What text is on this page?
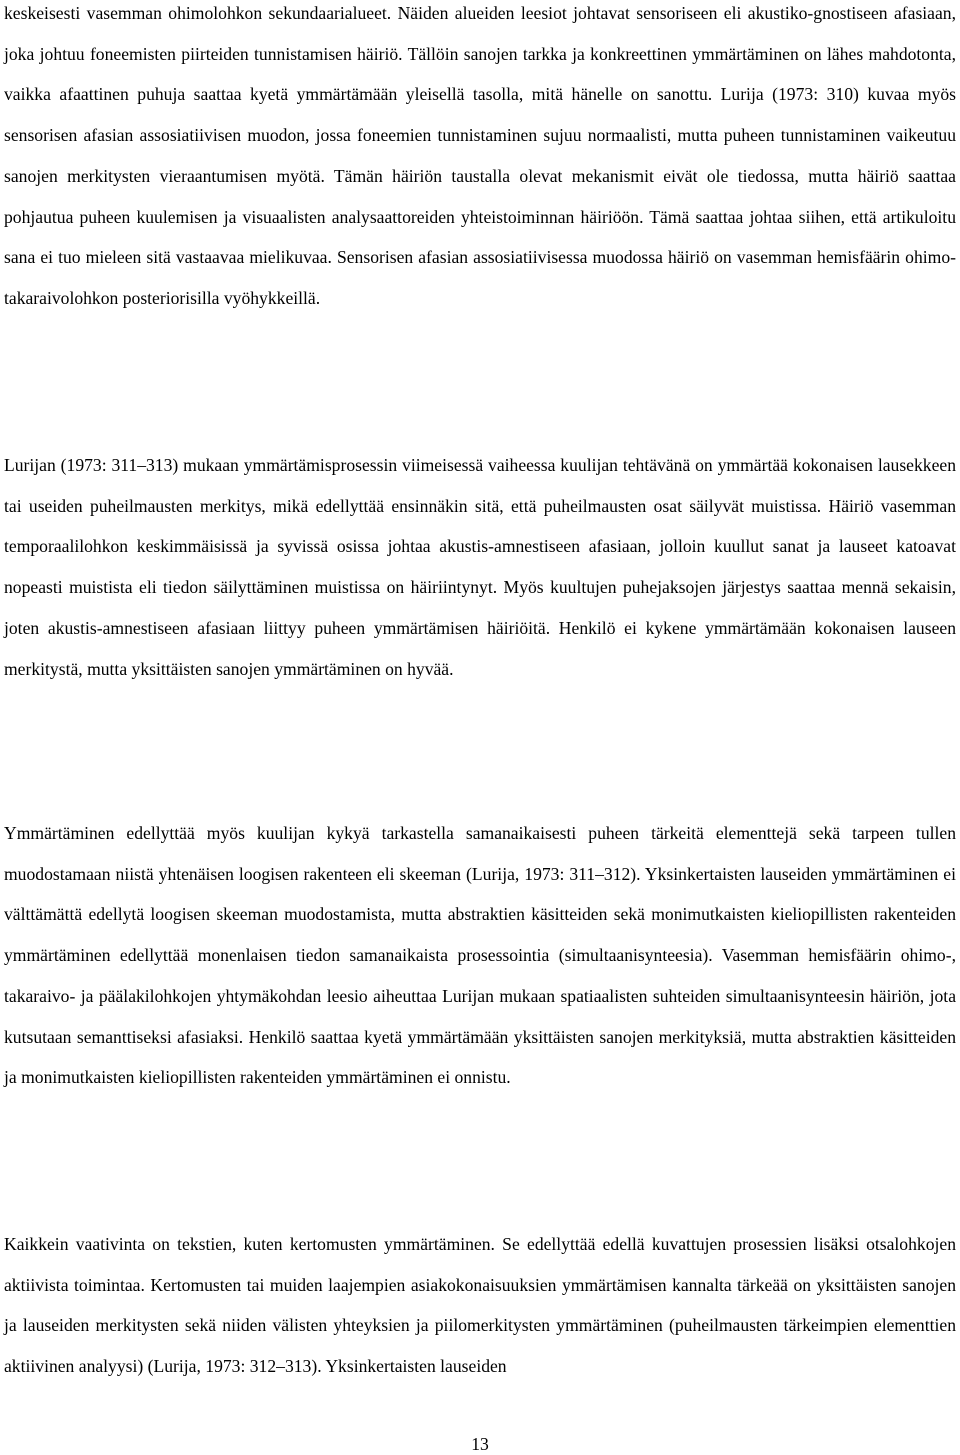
keskeisesti vasemman ohimolohkon sekundaarialueet. Näiden alueiden leesiot johtavat sensoriseen eli akustiko-gnostiseen afasiaan, joka johtuu foneemisten piirteiden tunnistamisen häiriö. Tällöin sanojen tarkka ja konkreettinen ymmärtäminen on lähes mahdotonta, vaikka afaattinen puhuja saattaa kyetä ymmärtämään yleisellä tasolla, mitä hänelle on sanottu. Lurija (1973: 310) kuvaa myös sensorisen afasian assosiatiivisen muodon, jossa foneemien tunnistaminen sujuu normaalisti, mutta puheen tunnistaminen vaikeutuu sanojen merkitysten vieraantumisen myötä. Tämän häiriön taustalla olevat mekanismit eivät ole tiedossa, mutta häiriö saattaa pohjautua puheen kuulemisen ja visuaalisten analysaattoreiden yhteistoiminnan häiriöön. Tämä saattaa johtaa siihen, että artikuloitu sana ei tuo mieleen sitä vastaavaa mielikuvaa. Sensorisen afasian assosiatiivisessa muodossa häiriö on vasemman hemisfäärin ohimo-takaraivolohkon posteriorisilla vyöhykkeillä.

Lurijan (1973: 311–313) mukaan ymmärtämisprosessin viimeisessä vaiheessa kuulijan tehtävänä on ymmärtää kokonaisen lausekkeen tai useiden puheilmausten merkitys, mikä edellyttää ensinnäkin sitä, että puheilmausten osat säilyvät muistissa. Häiriö vasemman temporaalilohkon keskimmäisissä ja syvissä osissa johtaa akustis-amnestiseen afasiaan, jolloin kuullut sanat ja lauseet katoavat nopeasti muistista eli tiedon säilyttäminen muistissa on häiriintynyt. Myös kuultujen puhejaksojen järjestys saattaa mennä sekaisin, joten akustis-amnestiseen afasiaan liittyy puheen ymmärtämisen häiriöitä. Henkilö ei kykene ymmärtämään kokonaisen lauseen merkitystä, mutta yksittäisten sanojen ymmärtäminen on hyvää.

Ymmärtäminen edellyttää myös kuulijan kykyä tarkastella samanaikaisesti puheen tärkeitä elementtejä sekä tarpeen tullen muodostamaan niistä yhtenäisen loogisen rakenteen eli skeeman (Lurija, 1973: 311–312). Yksinkertaisten lauseiden ymmärtäminen ei välttämättä edellytä loogisen skeeman muodostamista, mutta abstraktien käsitteiden sekä monimutkaisten kieliopillisten rakenteiden ymmärtäminen edellyttää monenlaisen tiedon samanaikaista prosessointia (simultaanisynteesia). Vasemman hemisfäärin ohimo-, takaraivo- ja päälakilohkojen yhtymäkohdan leesio aiheuttaa Lurijan mukaan spatiaalisten suhteiden simultaanisynteesin häiriön, jota kutsutaan semanttiseksi afasiaksi. Henkilö saattaa kyetä ymmärtämään yksittäisten sanojen merkityksiä, mutta abstraktien käsitteiden ja monimutkaisten kieliopillisten rakenteiden ymmärtäminen ei onnistu.

Kaikkein vaativinta on tekstien, kuten kertomusten ymmärtäminen. Se edellyttää edellä kuvattujen prosessien lisäksi otsalohkojen aktiivista toimintaa. Kertomusten tai muiden laajempien asiakokonaisuuksien ymmärtämisen kannalta tärkeää on yksittäisten sanojen ja lauseiden merkitysten sekä niiden välisten yhteyksien ja piilomerkitysten ymmärtäminen (puheilmausten tärkeimpien elementtien aktiivinen analyysi) (Lurija, 1973: 312–313). Yksinkertaisten lauseiden

13
